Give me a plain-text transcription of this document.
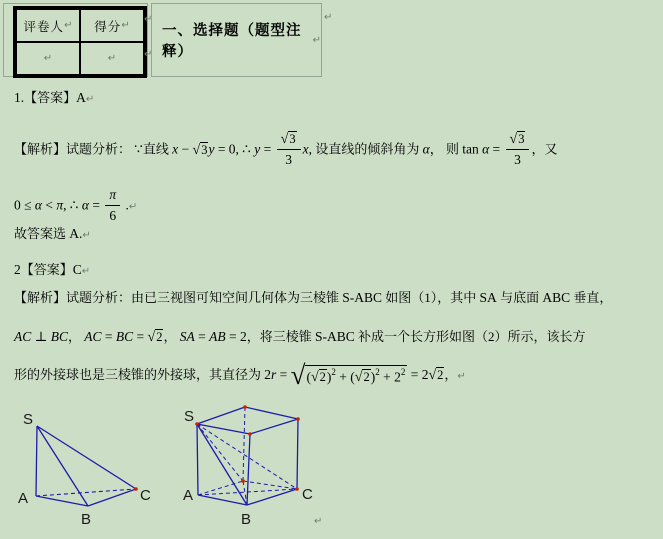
评卷人 ↵ 得分 ↵
↵	↵
一、选择题（题型注释）
↵
↵
↵
↵
1.【答案】A↵
【解析】试题分析： ∵直线 x − √3y = 0, ∴ $y = \frac{√3}{3} x$, 设直线的倾斜角为 α， 则 $\tan \alpha = \frac{√3}{3}$ ，又
0 ≤ α < π, ∴ $\alpha = \frac{\pi}{6}$ .↵
故答案选 A.↵
2【答案】C↵
【解析】试题分析：由已三视图可知空间几何体为三棱锥 S-ABC 如图（1），其中 SA 与底面 ABC 垂直，
AC ⊥ BC， AC = BC = √2， SA = AB = 2，将三棱锥 S-ABC 补成一个长方形如图（2）所示，该长方
形的外接球也是三棱锥的外接球，其直径为 $2r = √(√2)^2 + (√2)^2 + 2^2 = 2√2$，↵
S
A
B
C
S
A
B
C
↵
